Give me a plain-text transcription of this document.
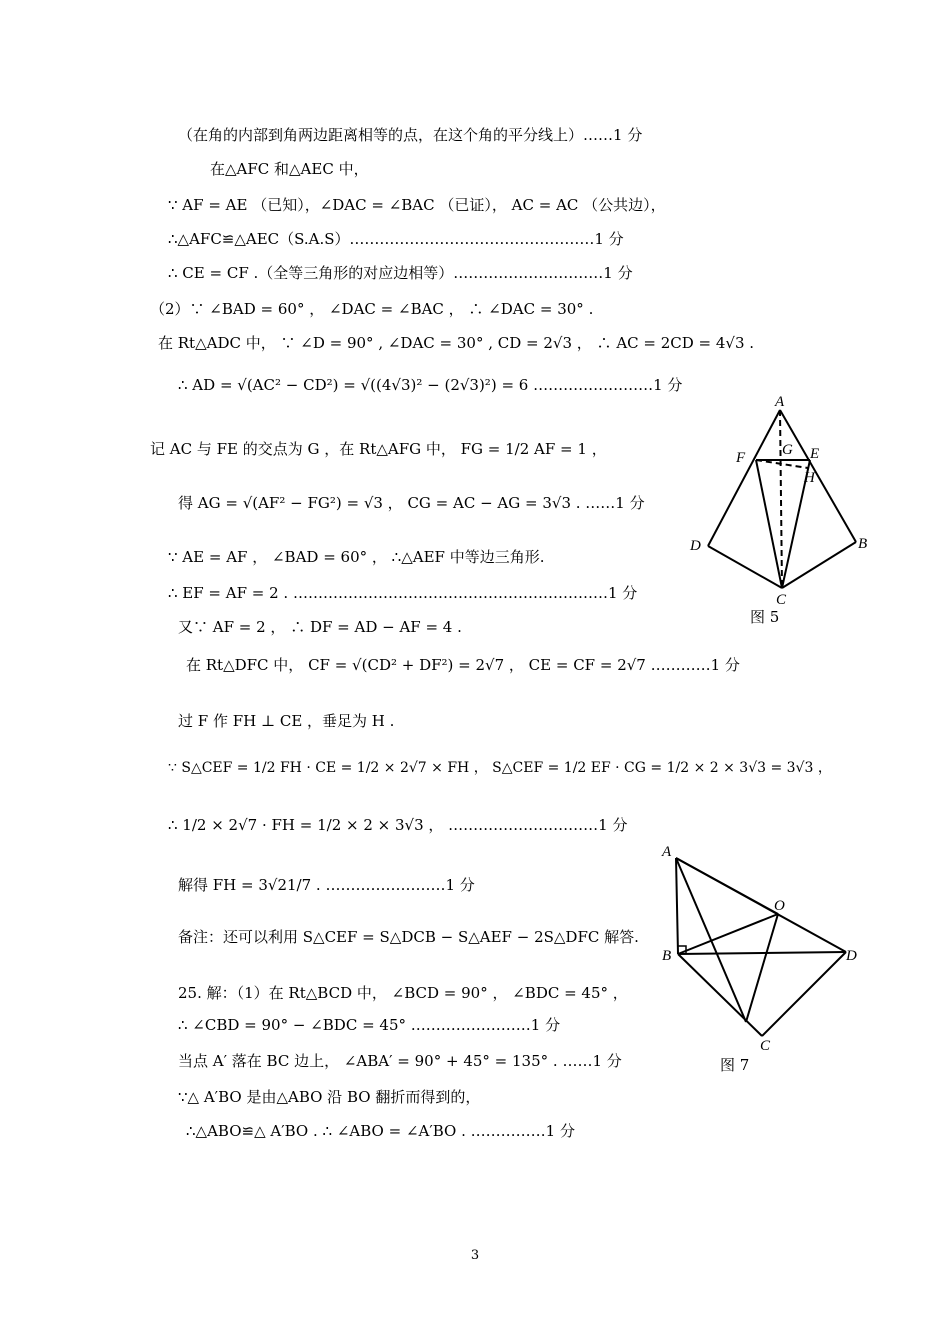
（在角的内部到角两边距离相等的点，在这个角的平分线上）……1 分
在△AFC 和△AEC 中，
∵ AF = AE （已知），∠DAC = ∠BAC （已证）， AC = AC （公共边），
∴△AFC≌△AEC（S.A.S）.…………………………………………1 分
∴ CE = CF .（全等三角形的对应边相等）…………………………1 分
（2）∵ ∠BAD = 60° ， ∠DAC = ∠BAC ， ∴ ∠DAC = 30° .
在 Rt△ADC 中， ∵ ∠D = 90° , ∠DAC = 30° , CD = 2√3 ， ∴ AC = 2CD = 4√3 .
∴ AD = √(AC² − CD²) = √((4√3)² − (2√3)²) = 6 ……………………1 分
记 AC 与 FE 的交点为 G ，在 Rt△AFG 中， FG = 1/2 AF = 1 ，
得 AG = √(AF² − FG²) = √3 ， CG = AC − AG = 3√3 . ……1 分
∵ AE = AF ， ∠BAD = 60° ， ∴△AEF 中等边三角形.
∴ EF = AF = 2 . ………………………………………………………1 分
又∵ AF = 2 ， ∴ DF = AD − AF = 4 .
在 Rt△DFC 中， CF = √(CD² + DF²) = 2√7 ， CE = CF = 2√7 …………1 分
过 F 作 FH ⊥ CE ，垂足为 H .
∵ S△CEF = 1/2 FH · CE = 1/2 × 2√7 × FH ， S△CEF = 1/2 EF · CG = 1/2 × 2 × 3√3 = 3√3 ，
∴ 1/2 × 2√7 · FH = 1/2 × 2 × 3√3 ， …………………………1 分
解得 FH = 3√21/7 . ……………………1 分
备注：还可以利用 S△CEF = S△DCB − S△AEF − 2S△DFC 解答.
25. 解：（1）在 Rt△BCD 中， ∠BCD = 90° ， ∠BDC = 45° ，
∴ ∠CBD = 90° − ∠BDC = 45° ……………………1 分
当点 A′ 落在 BC 边上， ∠ABA′ = 90° + 45° = 135° . ……1 分
∵△ A′BO 是由△ABO 沿 BO 翻折而得到的，
∴△ABO≌△ A′BO . ∴ ∠ABO = ∠A′BO . ……………1 分
A
F G E
H
D	B
C
图 5
A
O
B	D
C
图 7
3
